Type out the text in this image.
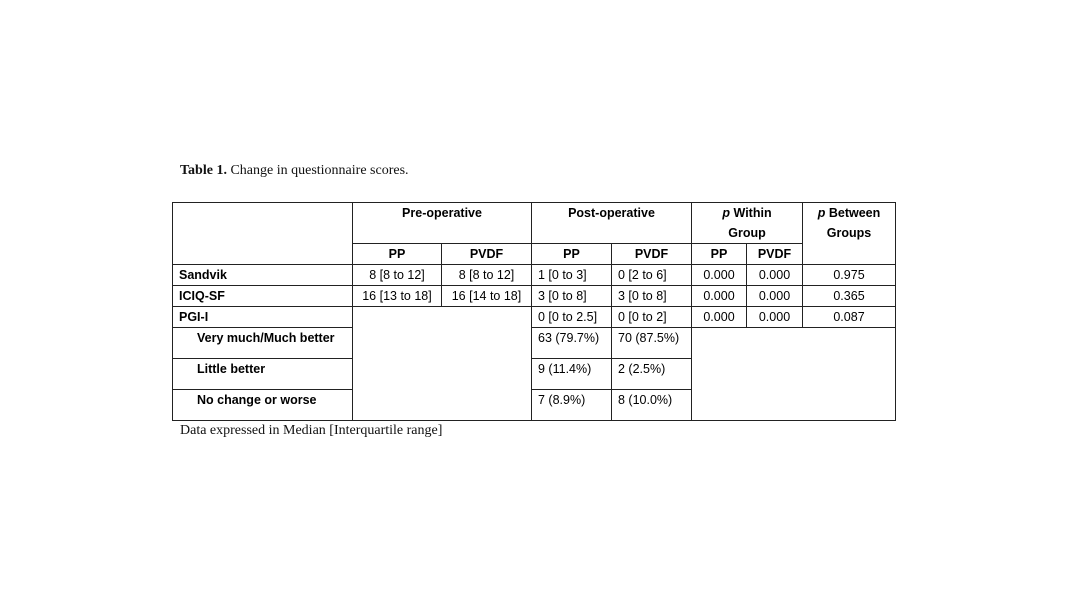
Table 1. Change in questionnaire scores.
	Pre-operative		Post-operative		p Within
Group		p Between
Groups
	PP	PVDF	PP	PVDF	PP	PVDF	
Sandvik	8 [8 to 12]	8 [8 to 12]	1 [0 to 3]	0 [2 to 6]	0.000	0.000	0.975
ICIQ-SF	16 [13 to 18]	16 [14 to 18]	3 [0 to 8]	3 [0 to 8]	0.000	0.000	0.365
PGI-I			0 [0 to 2.5]	0 [0 to 2]	0.000	0.000	0.087
Very much/Much better			63 (79.7%)	70 (87.5%)			
Little better			9 (11.4%)	2 (2.5%)			
No change or worse			7 (8.9%)	8 (10.0%)			
Data expressed in Median [Interquartile range]
